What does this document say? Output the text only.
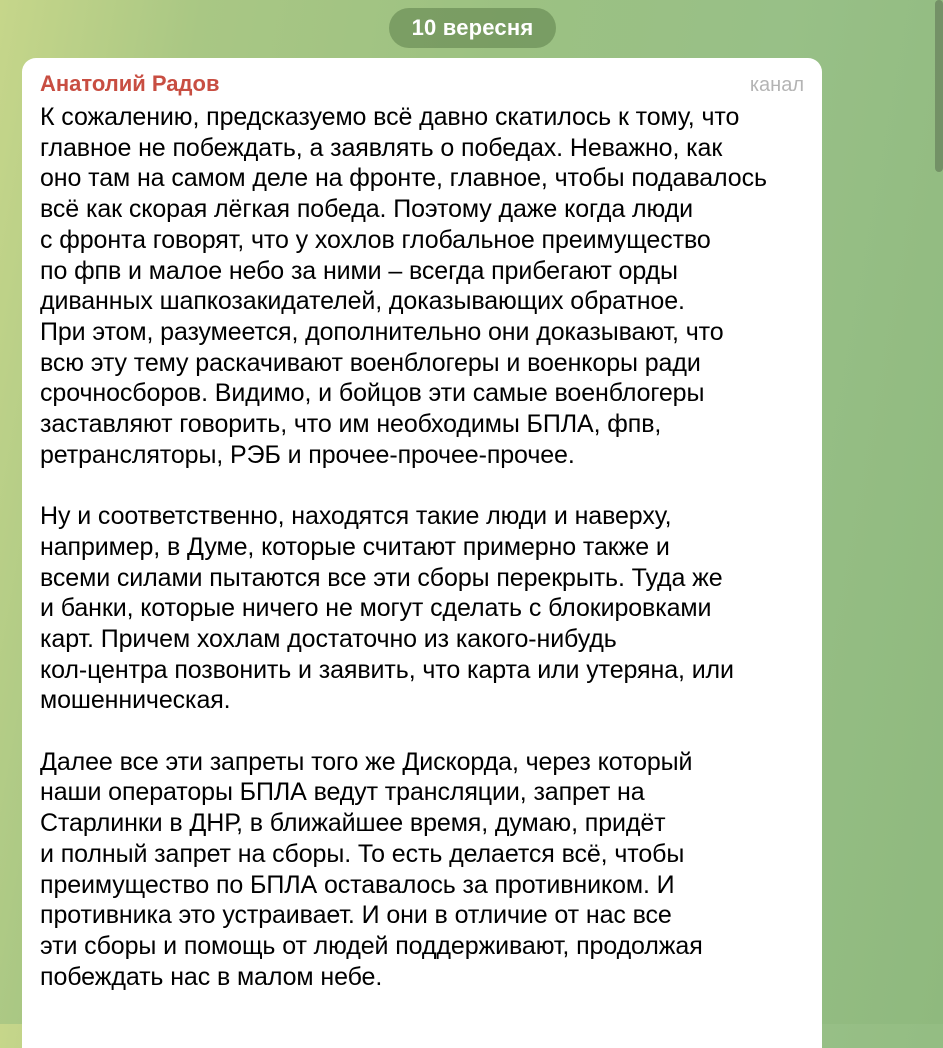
10 вересня
Анатолий Радов	канал

К сожалению, предсказуемо всё давно скатилось к тому, что
главное не побеждать, а заявлять о победах. Неважно, как
оно там на самом деле на фронте, главное, чтобы подавалось
всё как скорая лёгкая победа. Поэтому даже когда люди
с фронта говорят, что у хохлов глобальное преимущество
по фпв и малое небо за ними – всегда прибегают орды
диванных шапкозакидателей, доказывающих обратное.
При этом, разумеется, дополнительно они доказывают, что
всю эту тему раскачивают военблогеры и военкоры ради
срочносборов. Видимо, и бойцов эти самые военблогеры
заставляют говорить, что им необходимы БПЛА, фпв,
ретрансляторы, РЭБ и прочее-прочее-прочее.

Ну и соответственно, находятся такие люди и наверху,
например, в Думе, которые считают примерно также и
всеми силами пытаются все эти сборы перекрыть. Туда же
и банки, которые ничего не могут сделать с блокировками
карт. Причем хохлам достаточно из какого-нибудь
кол-центра позвонить и заявить, что карта или утеряна, или
мошенническая.

Далее все эти запреты того же Дискорда, через который
наши операторы БПЛА ведут трансляции, запрет на
Старлинки в ДНР, в ближайшее время, думаю, придёт
и полный запрет на сборы. То есть делается всё, чтобы
преимущество по БПЛА оставалось за противником. И
противника это устраивает. И они в отличие от нас все
эти сборы и помощь от людей поддерживают, продолжая
побеждать нас в малом небе.
